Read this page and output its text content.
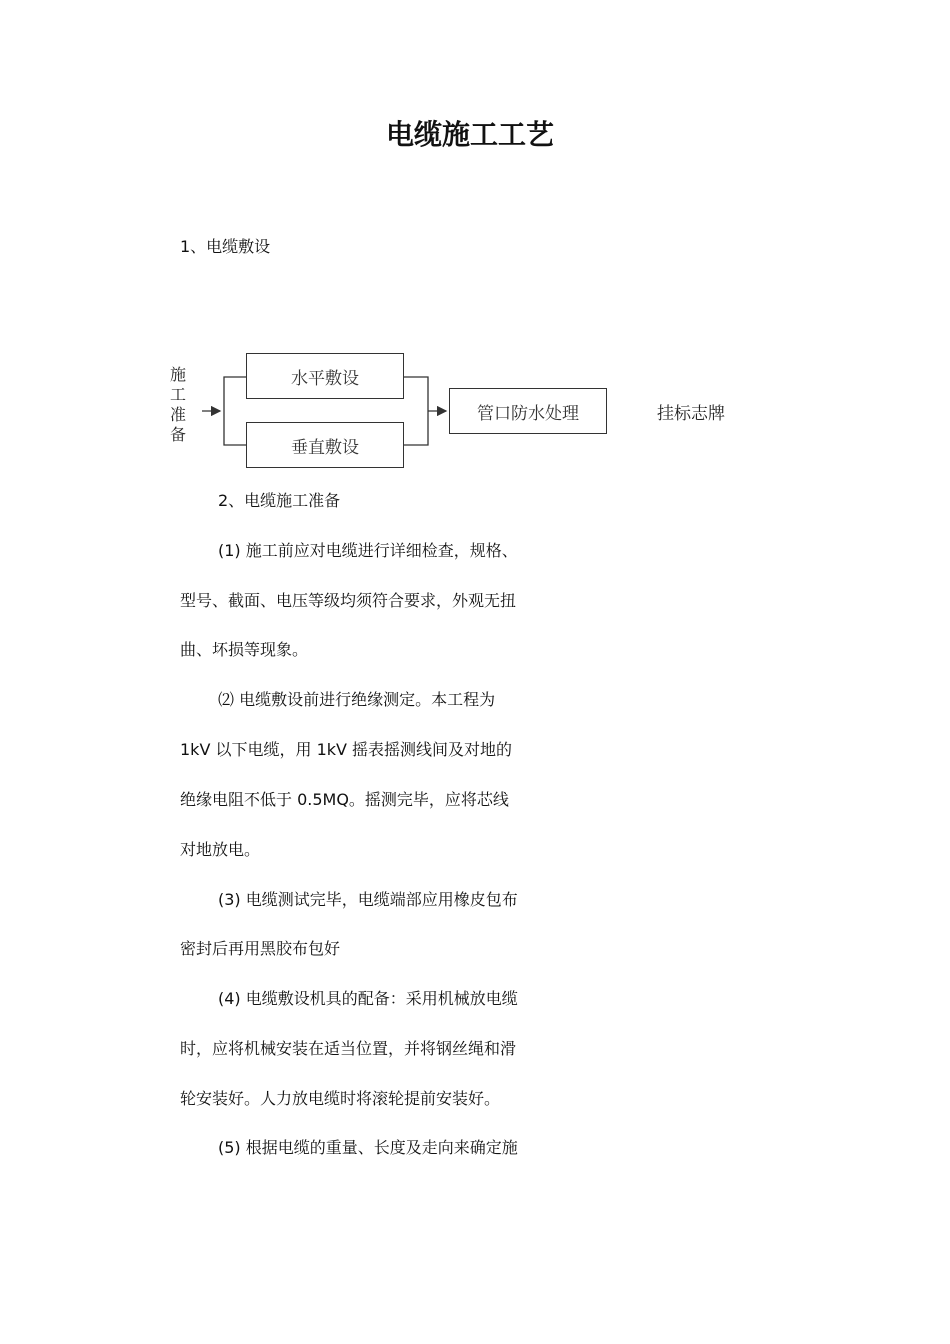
电缆施工工艺

1、电缆敷设

施工准备
水平敷设
垂直敷设
管口防水处理	挂标志牌

2、电缆施工准备

(1) 施工前应对电缆进行详细检查，规格、

型号、截面、电压等级均须符合要求，外观无扭

曲、坏损等现象。

⑵ 电缆敷设前进行绝缘测定。本工程为

1kV 以下电缆，用 1kV 摇表摇测线间及对地的

绝缘电阻不低于 0.5MQ。摇测完毕，应将芯线

对地放电。

(3) 电缆测试完毕，电缆端部应用橡皮包布

密封后再用黑胶布包好

(4) 电缆敷设机具的配备：采用机械放电缆

时，应将机械安装在适当位置，并将钢丝绳和滑

轮安装好。人力放电缆时将滚轮提前安装好。

(5) 根据电缆的重量、长度及走向来确定施
